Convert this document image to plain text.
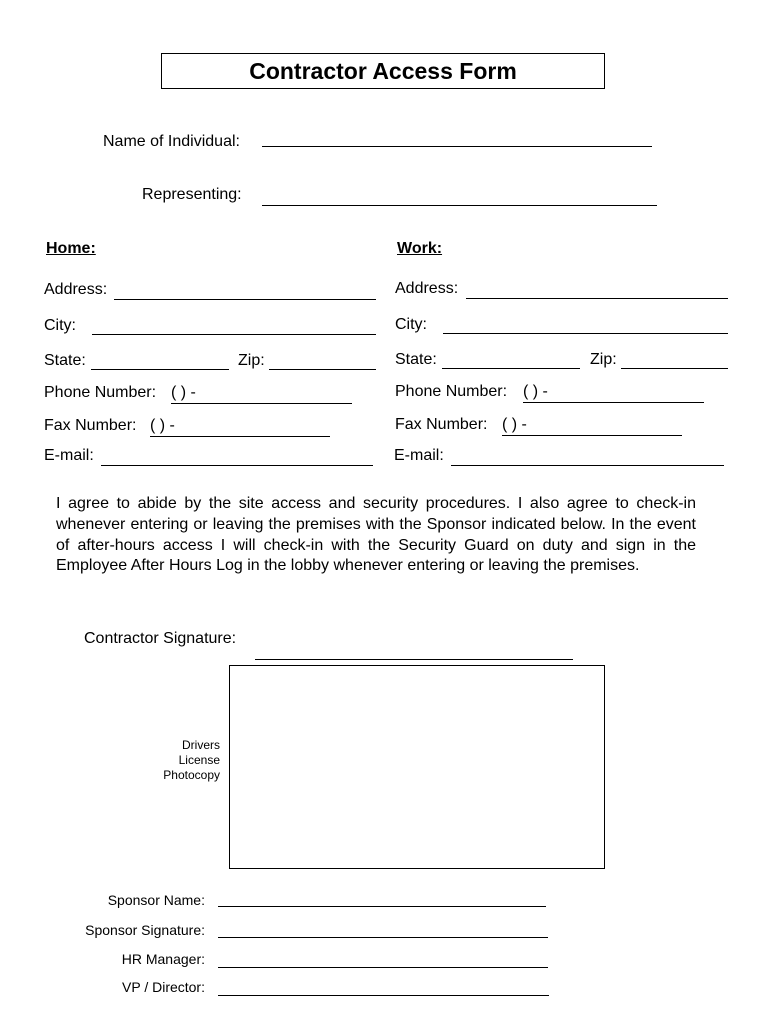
Contractor Access Form
Name of Individual:
Representing:
Home:
Address:
City:
State:	Zip:
Phone Number: ( ) -
Fax Number: ( ) -
E-mail:
Work:
Address:
City:
State:	Zip:
Phone Number: ( ) -
Fax Number: ( ) -
E-mail:
I agree to abide by the site access and security procedures. I also agree to check-in whenever entering or leaving the premises with the Sponsor indicated below. In the event of after-hours access I will check-in with the Security Guard on duty and sign in the Employee After Hours Log in the lobby whenever entering or leaving the premises.
Contractor Signature:
Drivers
License
Photocopy
Sponsor Name:
Sponsor Signature:
HR Manager:
VP / Director:
